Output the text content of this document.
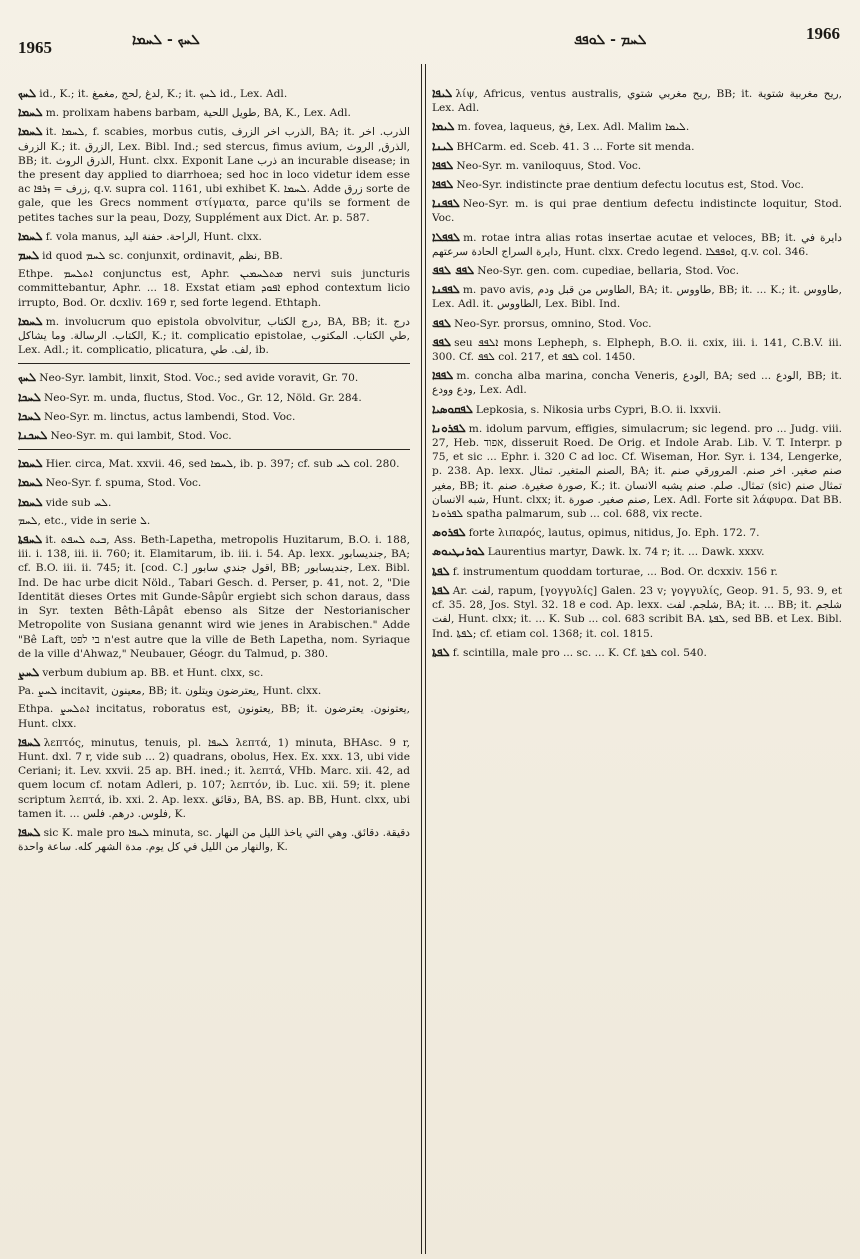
1965	ܠܚܟ - ܠܚܡܐ	ܠܚܡ - ܠܘܦܦ	1966

ܠܚܟ id., K.; it. لدغ ,لحج ,مغمغ, K.; it. ܠܚܟ id., Lex. Adl.

ܠܚܡܐ m. prolixam habens barbam, طويل اللحية, BA, K., Lex. Adl.

ܠܚܡܐ it. ܠܚܡܐ, f. scabies, morbus cutis, الذرب اخر الزرف, BA; it. الذرب. اخر الزرف K.; it. الزرق, Lex. Bibl. Ind.; sed stercus, fimus avium, الذرق, الروث, BB; it. الذرق الروث, Hunt. clxx. Exponit Lane ذرب an incurable disease; in the present day applied to diarrhoea; sed hoc in loco videtur idem esse ac زرف = ܙܪܦܐ, q.v. supra col. 1161, ubi exhibet K. ܠܚܡܐ. Adde زرق sorte de gale, que les Grecs nomment στίγματα, parce qu'ils se forment de petites taches sur la peau, Dozy, Supplément aux Dict. Ar. p. 587.

ܠܚܡܐ f. vola manus, الراحة. حفنة اليد, Hunt. clxx.

ܠܚܡ id quod ܠܚܡ sc. conjunxit, ordinavit, نظم, BB.

Ethpe. ܐܬܠܚܡ conjunctus est, Aphr. ܡܬܠܚܡܝܢ nervi suis juncturis committebantur, Aphr. ... 18. Exstat etiam ܐܦܘܕ ephod contextum licio irrupto, Bod. Or. dcxliv. 169 r, sed forte legend. Ethtaph.

ܠܚܡܐ m. involucrum quo epistola obvolvitur, درج الكتاب, BA, BB; it. درج الكتاب. الرسالة. وما يشاكل, K.; it. complicatio epistolae, طي الكتاب. المكتوب, Lex. Adl.; it. complicatio, plicatura, لف. طي, ib.

ܠܚܟ Neo-Syr. lambit, linxit, Stod. Voc.; sed avide voravit, Gr. 70.

ܠܚܟܐ Neo-Syr. m. unda, fluctus, Stod. Voc., Gr. 12, Nöld. Gr. 284.

ܠܚܟܐ Neo-Syr. m. linctus, actus lambendi, Stod. Voc.

ܠܚܟܢܐ Neo-Syr. m. qui lambit, Stod. Voc.

ܠܚܡܐ Hier. circa, Mat. xxvii. 46, sed ܠܚܡܐ, ib. p. 397; cf. sub ܠܚ col. 280.

ܠܚܡܐ Neo-Syr. f. spuma, Stod. Voc.

ܠܚܡܐ vide sub ܠܚ.

ܠܚܡ, etc., vide in serie ܠ.

ܠܚܦܬܐ it. ܒܝܬ ܠܚܦܬ, Ass. Beth-Lapetha, metropolis Huzitarum, B.O. i. 188, iii. i. 138, iii. ii. 760; it. Elamitarum, ib. iii. i. 54. Ap. lexx. جنديسابور, BA; cf. B.O. iii. ii. 745; it. [cod. C.] اقول جندي سابور, BB; جنديسابور, Lex. Bibl. Ind. De hac urbe dicit Nöld., Tabari Gesch. d. Perser, p. 41, not. 2, "Die Identität dieses Ortes mit Gunde-Sâpûr ergiebt sich schon daraus, dass in Syr. texten Bêth-Lâpât ebenso als Sitze der Nestorianischer Metropolite von Susiana genannt wird wie jenes in Arabischen." Adde "Bê Laft, בי לפט n'est autre que la ville de Beth Lapetha, nom. Syriaque de la ville d'Ahwaz," Neubauer, Géogr. du Talmud, p. 380.

ܠܚܨ verbum dubium ap. BB. et Hunt. clxx, sc.

Pa. ܠܚܨ incitavit, معينون, BB; it. يعترضون ويتلون, Hunt. clxx.

Ethpa. ܐܬܠܚܨ incitatus, roboratus est, يعتونون, BB; it. يعتونون. يعترضون, Hunt. clxx.

ܠܚܦܐ λεπτός, minutus, tenuis, pl. ܠܚܦܐ λεπτά, 1) minuta, BHAsc. 9 r, Hunt. dxl. 7 r, vide sub ... 2) quadrans, obolus, Hex. Ex. xxx. 13, ubi vide Ceriani; it. Lev. xxvii. 25 ap. BH. ined.; it. λεπτά, VHb. Marc. xii. 42, ad quem locum cf. notam Adleri, p. 107; λεπτόν, ib. Luc. xii. 59; it. plene scriptum λεπτά, ib. xxi. 2. Ap. lexx. دقائق, BA, BS. ap. BB, Hunt. clxx, ubi tamen it. ... فلوس. درهم. فلس, K.

ܠܚܦܐ sic K. male pro ܠܚܦܐ minuta, sc. دقيقة. دقائق. وهي التي ياخذ الليل من النهار والنهار من الليل في كل يوم. مدة الشهر كله. ساعة واحدة, K.

ܠܝܦܐ λίψ, Africus, ventus australis, ريح مغربي شتوي, BB; it. ريح مغربية شتوية, Lex. Adl.

ܠܝܡܐ m. fovea, laqueus, فخ, Lex. Adl. Malim ܠܝܡܐ.

ܠܝܢܐ BHCarm. ed. Sceb. 41. 3 ... Forte sit menda.

ܠܦܦܐ Neo-Syr. m. vaniloquus, Stod. Voc.

ܠܦܦܐ Neo-Syr. indistincte prae dentium defectu locutus est, Stod. Voc.

ܠܦܦܢܐ Neo-Syr. m. is qui prae dentium defectu indistincte loquitur, Stod. Voc.

ܠܦܦܠܐ m. rotae intra alias rotas insertae acutae et veloces, BB; it. دايرة في دايرة السراج الحادة سرعتهم, Hunt. clxx. Credo legend. ܐܘܦܦܠܐ, q.v. col. 346.

ܠܦܦ ܠܦܦ Neo-Syr. gen. com. cupediae, bellaria, Stod. Voc.

ܠܦܦܢܐ m. pavo avis, الطاوس من قبل ودم, BA; it. طاووس, BB; it. ... K.; it. طاووس, Lex. Adl. it. الطاووس, Lex. Bibl. Ind.

ܠܦܦ Neo-Syr. prorsus, omnino, Stod. Voc.

ܠܦܦ seu ܐܠܦܦ mons Lepheph, s. Elpheph, B.O. ii. cxix, iii. i. 141, C.B.V. iii. 300. Cf. ܠܦܦ col. 217, et ܠܦܦ col. 1450.

ܠܦܦܐ m. concha alba marina, concha Veneris, الودع, BA; sed ... الودع, BB; it. ودع وودع, Lex. Adl.

ܠܦܩܘܣܝܐ Lepkosia, s. Nikosia urbs Cypri, B.O. ii. lxxvii.

ܠܦܪܘܢܐ m. idolum parvum, effigies, simulacrum; sic legend. pro ... Judg. viii. 27, Heb. אפוד, disseruit Roed. De Orig. et Indole Arab. Lib. V. T. Interpr. p 75, et sic ... Ephr. i. 320 C ad loc. Cf. Wiseman, Hor. Syr. i. 134, Lengerke, p. 238. Ap. lexx. الصنم المتغير. تمثال, BA; it. صنم صغير. اخر صنم. المرورقي صنم مغير, BB; it. صورة صغيرة. صنم, K.; it. تمثال. صلم. صنم يشبه الانسان (sic) تمثال صنم شبه الانسان, Hunt. clxx; it. صنم صغير. صورة, Lex. Adl. Forte sit λάφυρα. Dat BB. ܠܦܪܘܢܐ spatha palmarum, sub ... col. 688, vix recte.

ܠܦܪܘܣ forte λιπαρός, lautus, opimus, nitidus, Jo. Eph. 172. 7.

ܠܘܪܢܛܝܘܣ Laurentius martyr, Dawk. lx. 74 r; it. ... Dawk. xxxv.

ܠܦܬܐ f. instrumentum quoddam torturae, ... Bod. Or. dcxxiv. 156 r.

ܠܦܬܐ Ar. لفت, rapum, [γογγυλίς] Galen. 23 v; γογγυλίς, Geop. 91. 5, 93. 9, et cf. 35. 28, Jos. Styl. 32. 18 e cod. Ap. lexx. شلجم. لفت, BA; it. ... BB; it. شلجم لفت, Hunt. clxx; it. ... K. Sub ... col. 683 scribit BA. ܠܦܬܐ, sed BB. et Lex. Bibl. Ind. ܠܦܬܐ; cf. etiam col. 1368; it. col. 1815.

ܠܦܬܐ f. scintilla, male pro ... sc. ... K. Cf. ܠܦܬܐ col. 540.
